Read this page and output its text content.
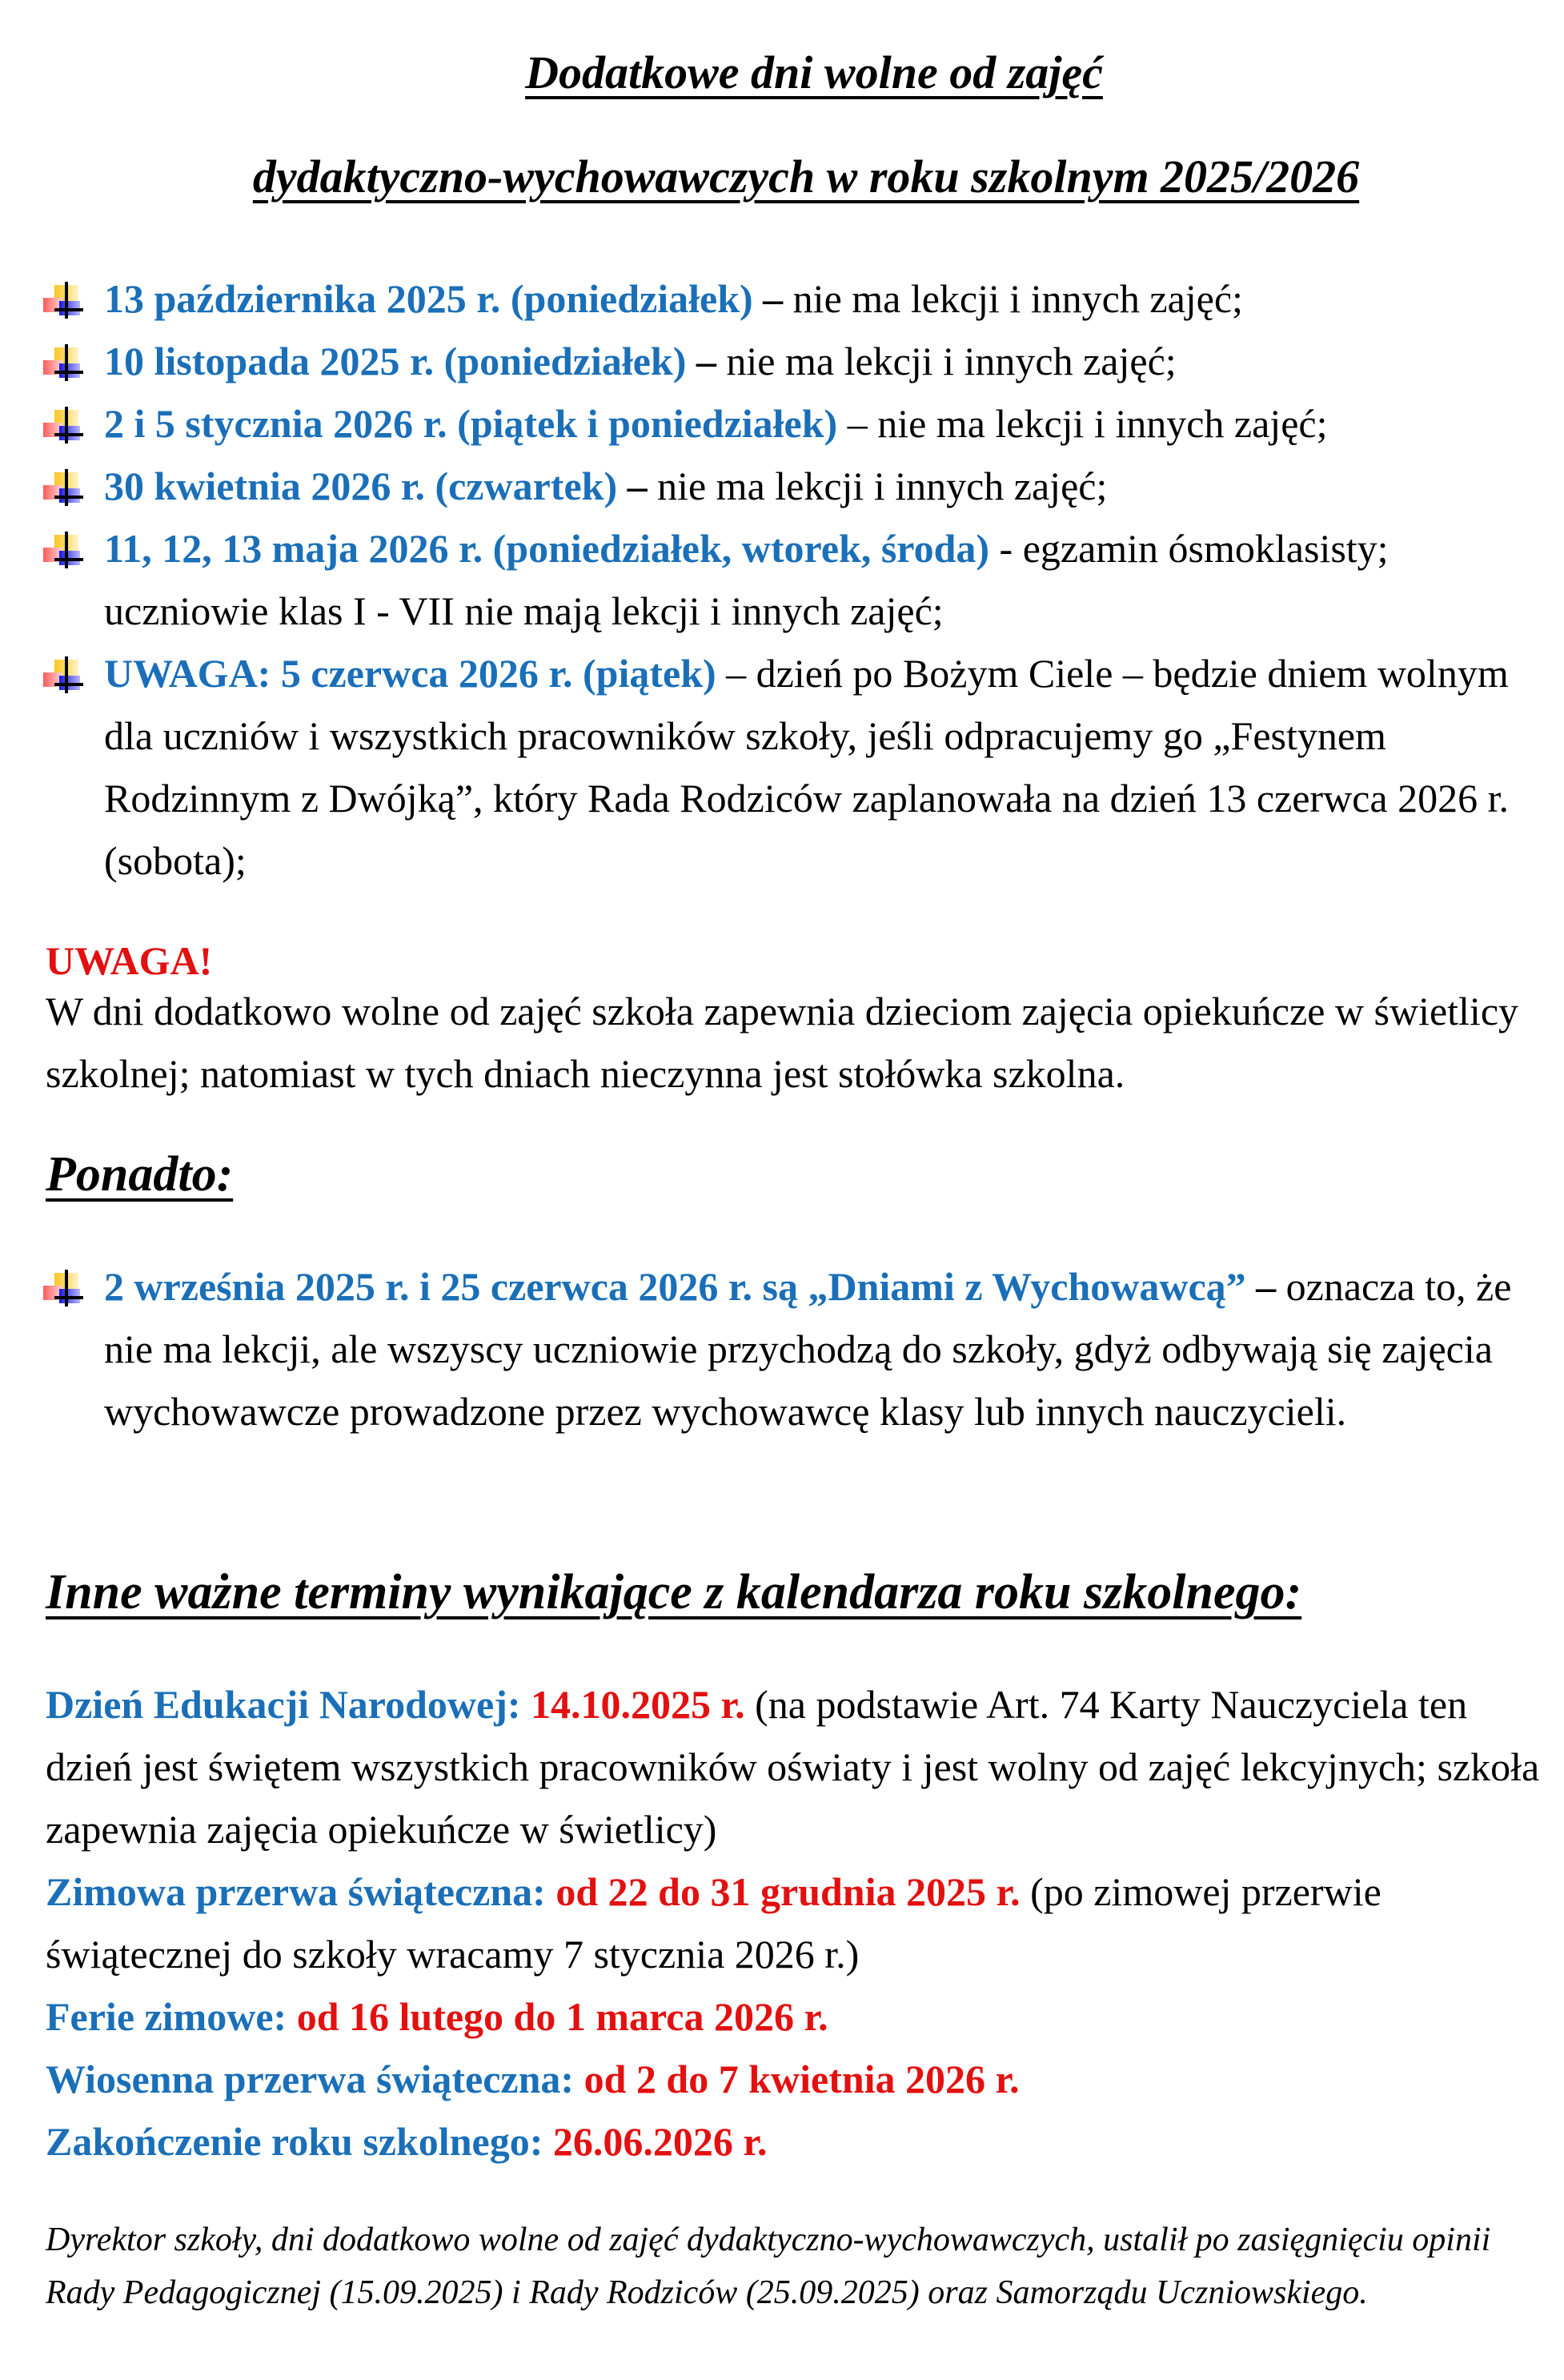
Dodatkowe dni wolne od zajęć
dydaktyczno-wychowawczych w roku szkolnym 2025/2026
13 października 2025 r. (poniedziałek) – nie ma lekcji i innych zajęć;
10 listopada 2025 r. (poniedziałek) – nie ma lekcji i innych zajęć;
2 i 5 stycznia 2026 r. (piątek i poniedziałek) – nie ma lekcji i innych zajęć;
30 kwietnia 2026 r. (czwartek) – nie ma lekcji i innych zajęć;
11, 12, 13 maja 2026 r. (poniedziałek, wtorek, środa) - egzamin ósmoklasisty; uczniowie klas I - VII nie mają lekcji i innych zajęć;
UWAGA: 5 czerwca 2026 r. (piątek) – dzień po Bożym Ciele – będzie dniem wolnym dla uczniów i wszystkich pracowników szkoły, jeśli odpracujemy go „Festynem Rodzinnym z Dwójką”, który Rada Rodziców zaplanowała na dzień 13 czerwca 2026 r. (sobota);
UWAGA!
W dni dodatkowo wolne od zajęć szkoła zapewnia dzieciom zajęcia opiekuńcze w świetlicy szkolnej; natomiast w tych dniach nieczynna jest stołówka szkolna.
Ponadto:
2 września 2025 r. i 25 czerwca 2026 r. są „Dniami z Wychowawcą” – oznacza to, że nie ma lekcji, ale wszyscy uczniowie przychodzą do szkoły, gdyż odbywają się zajęcia wychowawcze prowadzone przez wychowawcę klasy lub innych nauczycieli.
Inne ważne terminy wynikające z kalendarza roku szkolnego:
Dzień Edukacji Narodowej: 14.10.2025 r. (na podstawie Art. 74 Karty Nauczyciela ten dzień jest świętem wszystkich pracowników oświaty i jest wolny od zajęć lekcyjnych; szkoła zapewnia zajęcia opiekuńcze w świetlicy)
Zimowa przerwa świąteczna: od 22 do 31 grudnia 2025 r. (po zimowej przerwie świątecznej do szkoły wracamy 7 stycznia 2026 r.)
Ferie zimowe: od 16 lutego do 1 marca 2026 r.
Wiosenna przerwa świąteczna: od 2 do 7 kwietnia 2026 r.
Zakończenie roku szkolnego: 26.06.2026 r.
Dyrektor szkoły, dni dodatkowo wolne od zajęć dydaktyczno-wychowawczych, ustalił po zasięgnięciu opinii Rady Pedagogicznej (15.09.2025) i Rady Rodziców (25.09.2025) oraz Samorządu Uczniowskiego.
